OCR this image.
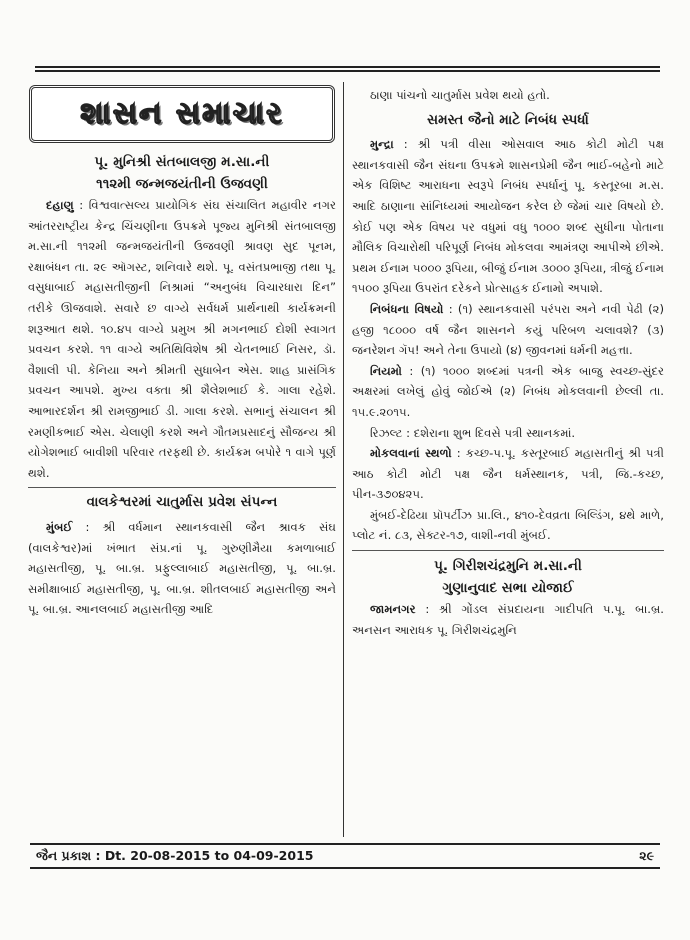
શાસન સમાચાર
પૂ. મુનિશ્રી સંતબાલજી મ.સા.ની
૧૧૨મી જન્મજયંતીની ઉજવણી

દહાણુ : વિશ્વવાત્સલ્ય પ્રાયોગિક સંઘ સંચાલિત મહાવીર નગર આંતરરાષ્ટ્રીય કેન્દ્ર ચિંચણીના ઉપક્રમે પૂજ્ય મુનિશ્રી સંતબાલજી મ.સા.ની ૧૧૨મી જન્મજયંતીની ઉજવણી શ્રાવણ સુદ પૂનમ, રક્ષાબંધન તા. ૨૯ ઑગસ્ટ, શનિવારે થશે. પૂ. વસંતપ્રભાજી તથા પૂ. વસુધાબાઈ મહાસતીજીની નિશ્રામાં “અનુબંધ વિચારધારા દિન” તરીકે ઊજવાશે. સવારે છ વાગ્યે સર્વધર્મ પ્રાર્થનાથી કાર્યક્રમની શરૂઆત થશે. ૧૦.૪૫ વાગ્યે પ્રમુખ શ્રી મગનભાઈ દોશી સ્વાગત પ્રવચન કરશે. ૧૧ વાગ્યે અતિથિવિશેષ શ્રી ચેતનભાઈ નિસર, ડૉ. વૈશાલી પી. કેનિયા અને શ્રીમતી સુધાબેન એસ. શાહ પ્રાસંગિક પ્રવચન આપશે. મુખ્ય વક્તા શ્રી શૈલેશભાઈ કે. ગાલા રહેશે. આભારદર્શન શ્રી રામજીભાઈ ડી. ગાલા કરશે. સભાનું સંચાલન શ્રી રમણીકભાઈ એસ. ચેલાણી કરશે અને ગૌતમપ્રસાદનું સૌજન્ય શ્રી યોગેશભાઈ બાવીશી પરિવાર તરફથી છે. કાર્યક્રમ બપોરે ૧ વાગે પૂર્ણ થશે.

વાલકેશ્વરમાં ચાતુર્માસ પ્રવેશ સંપન્ન

મુંબઈ : શ્રી વર્ધમાન સ્થાનકવાસી જૈન શ્રાવક સંઘ (વાલકેશ્વર)માં ખંભાત સંપ્ર.નાં પૂ. ગુરુણીમૈયા કમળાબાઈ મહાસતીજી, પૂ. બા.બ્ર. પ્રફુલ્લાબાઈ મહાસતીજી, પૂ. બા.બ્ર. સમીક્ષાબાઈ મહાસતીજી, પૂ. બા.બ્ર. શીતલબાઈ મહાસતીજી અને પૂ. બા.બ્ર. આનલબાઈ મહાસતીજી આદિ

ઠાણા પાંચનો ચાતુર્માસ પ્રવેશ થયો હતો.

સમસ્ત જૈનો માટે નિબંધ સ્પર્ધા

મુન્દ્રા : શ્રી પત્રી વીસા ઓસવાલ આઠ કોટી મોટી પક્ષ સ્થાનકવાસી જૈન સંઘના ઉપક્રમે શાસનપ્રેમી જૈન ભાઈ-બહેનો માટે એક વિશિષ્ટ આરાધના સ્વરૂપે નિબંધ સ્પર્ધાનું પૂ. કસ્તૂરબા મ.સ. આદિ ઠાણાના સાંનિધ્યમાં આયોજન કરેલ છે જેમાં ચાર વિષયો છે. કોઈ પણ એક વિષય પર વધુમાં વધુ ૧૦૦૦ શબ્દ સુધીના પોતાના મૌલિક વિચારોથી પરિપૂર્ણ નિબંધ મોકલવા આમંત્રણ આપીએ છીએ. પ્રથમ ઈનામ ૫૦૦૦ રૂપિયા, બીજું ઈનામ ૩૦૦૦ રૂપિયા, ત્રીજું ઈનામ ૧૫૦૦ રૂપિયા ઉપરાંત દરેકને પ્રોત્સાહક ઈનામો અપાશે.

નિબંધના વિષયો : (૧) સ્થાનકવાસી પરંપરા અને નવી પેઢી (૨) હજી ૧૮૦૦૦ વર્ષ જૈન શાસનને કયું પરિબળ ચલાવશે? (૩) જનરેશન ગૅપ! અને તેના ઉપાયો (૪) જીવનમાં ધર્મની મહત્તા.

નિયમો : (૧) ૧૦૦૦ શબ્દમાં પત્રની એક બાજુ સ્વચ્છ-સુંદર અક્ષરમાં લખેલું હોવું જોઈએ (૨) નિબંધ મોકલવાની છેલ્લી તા. ૧૫.૯.૨૦૧૫.

રિઝલ્ટ : દશેરાના શુભ દિવસે પત્રી સ્થાનકમાં.

મોકલવાનાં સ્થળો : કચ્છ-પ.પૂ. કસ્તૂરબાઈ મહાસતીનું શ્રી પત્રી આઠ કોટી મોટી પક્ષ જૈન ધર્મસ્થાનક, પત્રી, જિ.-કચ્છ, પીન-૩૭૦૪૨૫.

મુંબઈ-દેઢિયા પ્રૉપર્ટીઝ પ્રા.લિ., ૪૧૦-દેવવ્રતા બિલ્ડિંગ, ૪થે માળે, પ્લોટ નં. ૮૩, સેક્ટર-૧૭, વાશી-નવી મુંબઈ.

પૂ. ગિરીશચંદ્રમુનિ મ.સા.ની
ગુણાનુવાદ સભા યોજાઈ

જામનગર : શ્રી ગોંડલ સંપ્રદાયના ગાદીપતિ પ.પૂ. બા.બ્ર. અનસન આરાધક પૂ. ગિરીશચંદ્રમુનિ

જૈન પ્રકાશ : Dt. 20-08-2015 to 04-09-2015	૨૯
